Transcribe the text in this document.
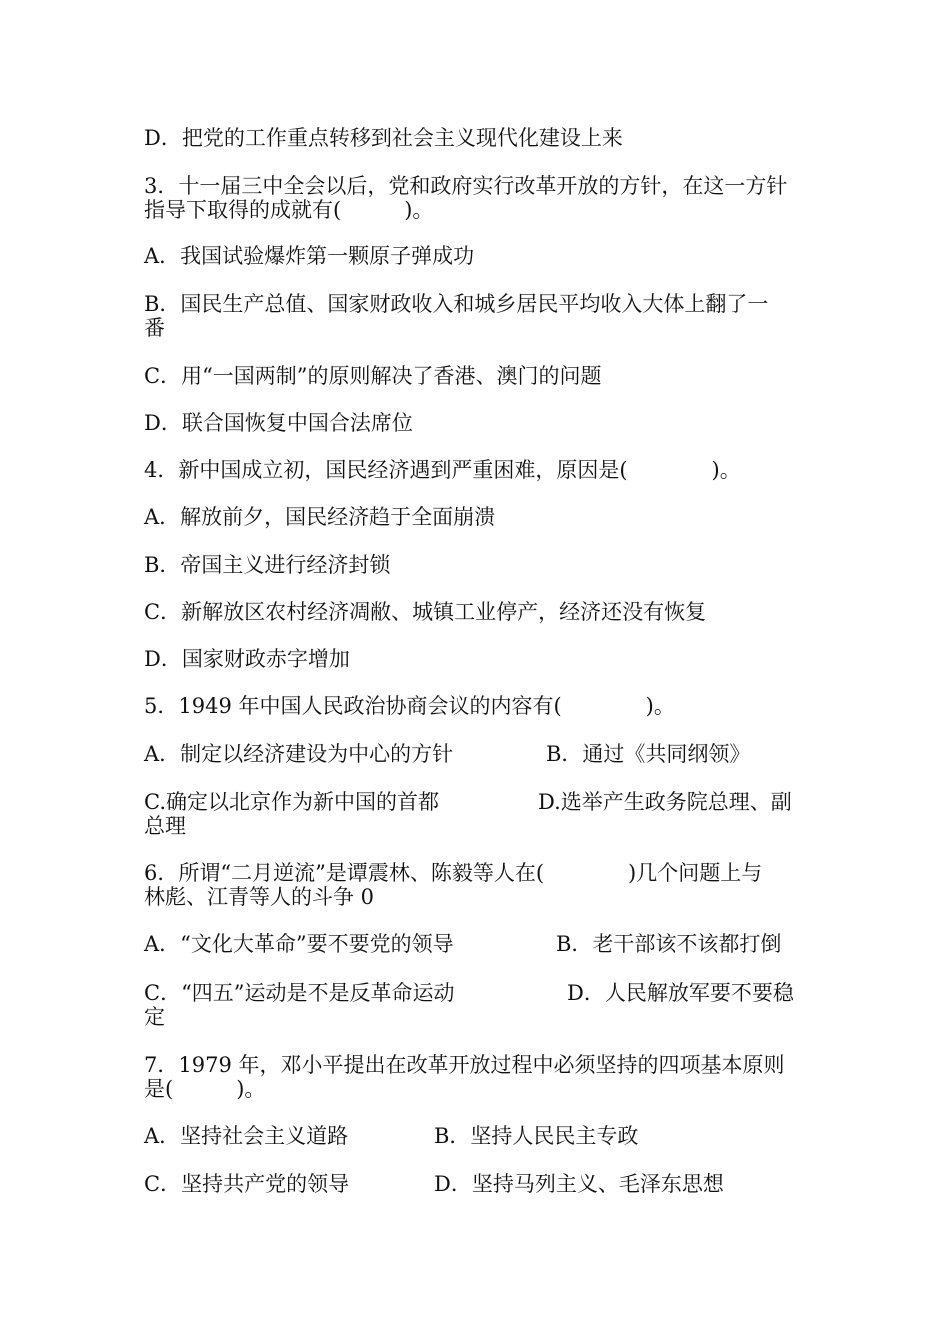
D．把党的工作重点转移到社会主义现代化建设上来
3．十一届三中全会以后，党和政府实行改革开放的方针，在这一方针
指导下取得的成就有(　　　)。
A．我国试验爆炸第一颗原子弹成功
B．国民生产总值、国家财政收入和城乡居民平均收入大体上翻了一
番
C．用“一国两制”的原则解决了香港、澳门的问题
D．联合国恢复中国合法席位
4．新中国成立初，国民经济遇到严重困难，原因是(　　　　)。
A．解放前夕，国民经济趋于全面崩溃
B．帝国主义进行经济封锁
C．新解放区农村经济凋敝、城镇工业停产，经济还没有恢复
D．国家财政赤字增加
5．1949 年中国人民政治协商会议的内容有(　　　　)。
A．制定以经济建设为中心的方针	B．通过《共同纲领》
C.确定以北京作为新中国的首都	D.选举产生政务院总理、副
总理
6．所谓“二月逆流”是谭震林、陈毅等人在(　　　　)几个问题上与
林彪、江青等人的斗争 0
A．“文化大革命”要不要党的领导	B．老干部该不该都打倒
C．“四五”运动是不是反革命运动	D．人民解放军要不要稳
定
7．1979 年，邓小平提出在改革开放过程中必须坚持的四项基本原则
是(　　　)。
A．坚持社会主义道路	B．坚持人民民主专政
C．坚持共产党的领导	D．坚持马列主义、毛泽东思想
